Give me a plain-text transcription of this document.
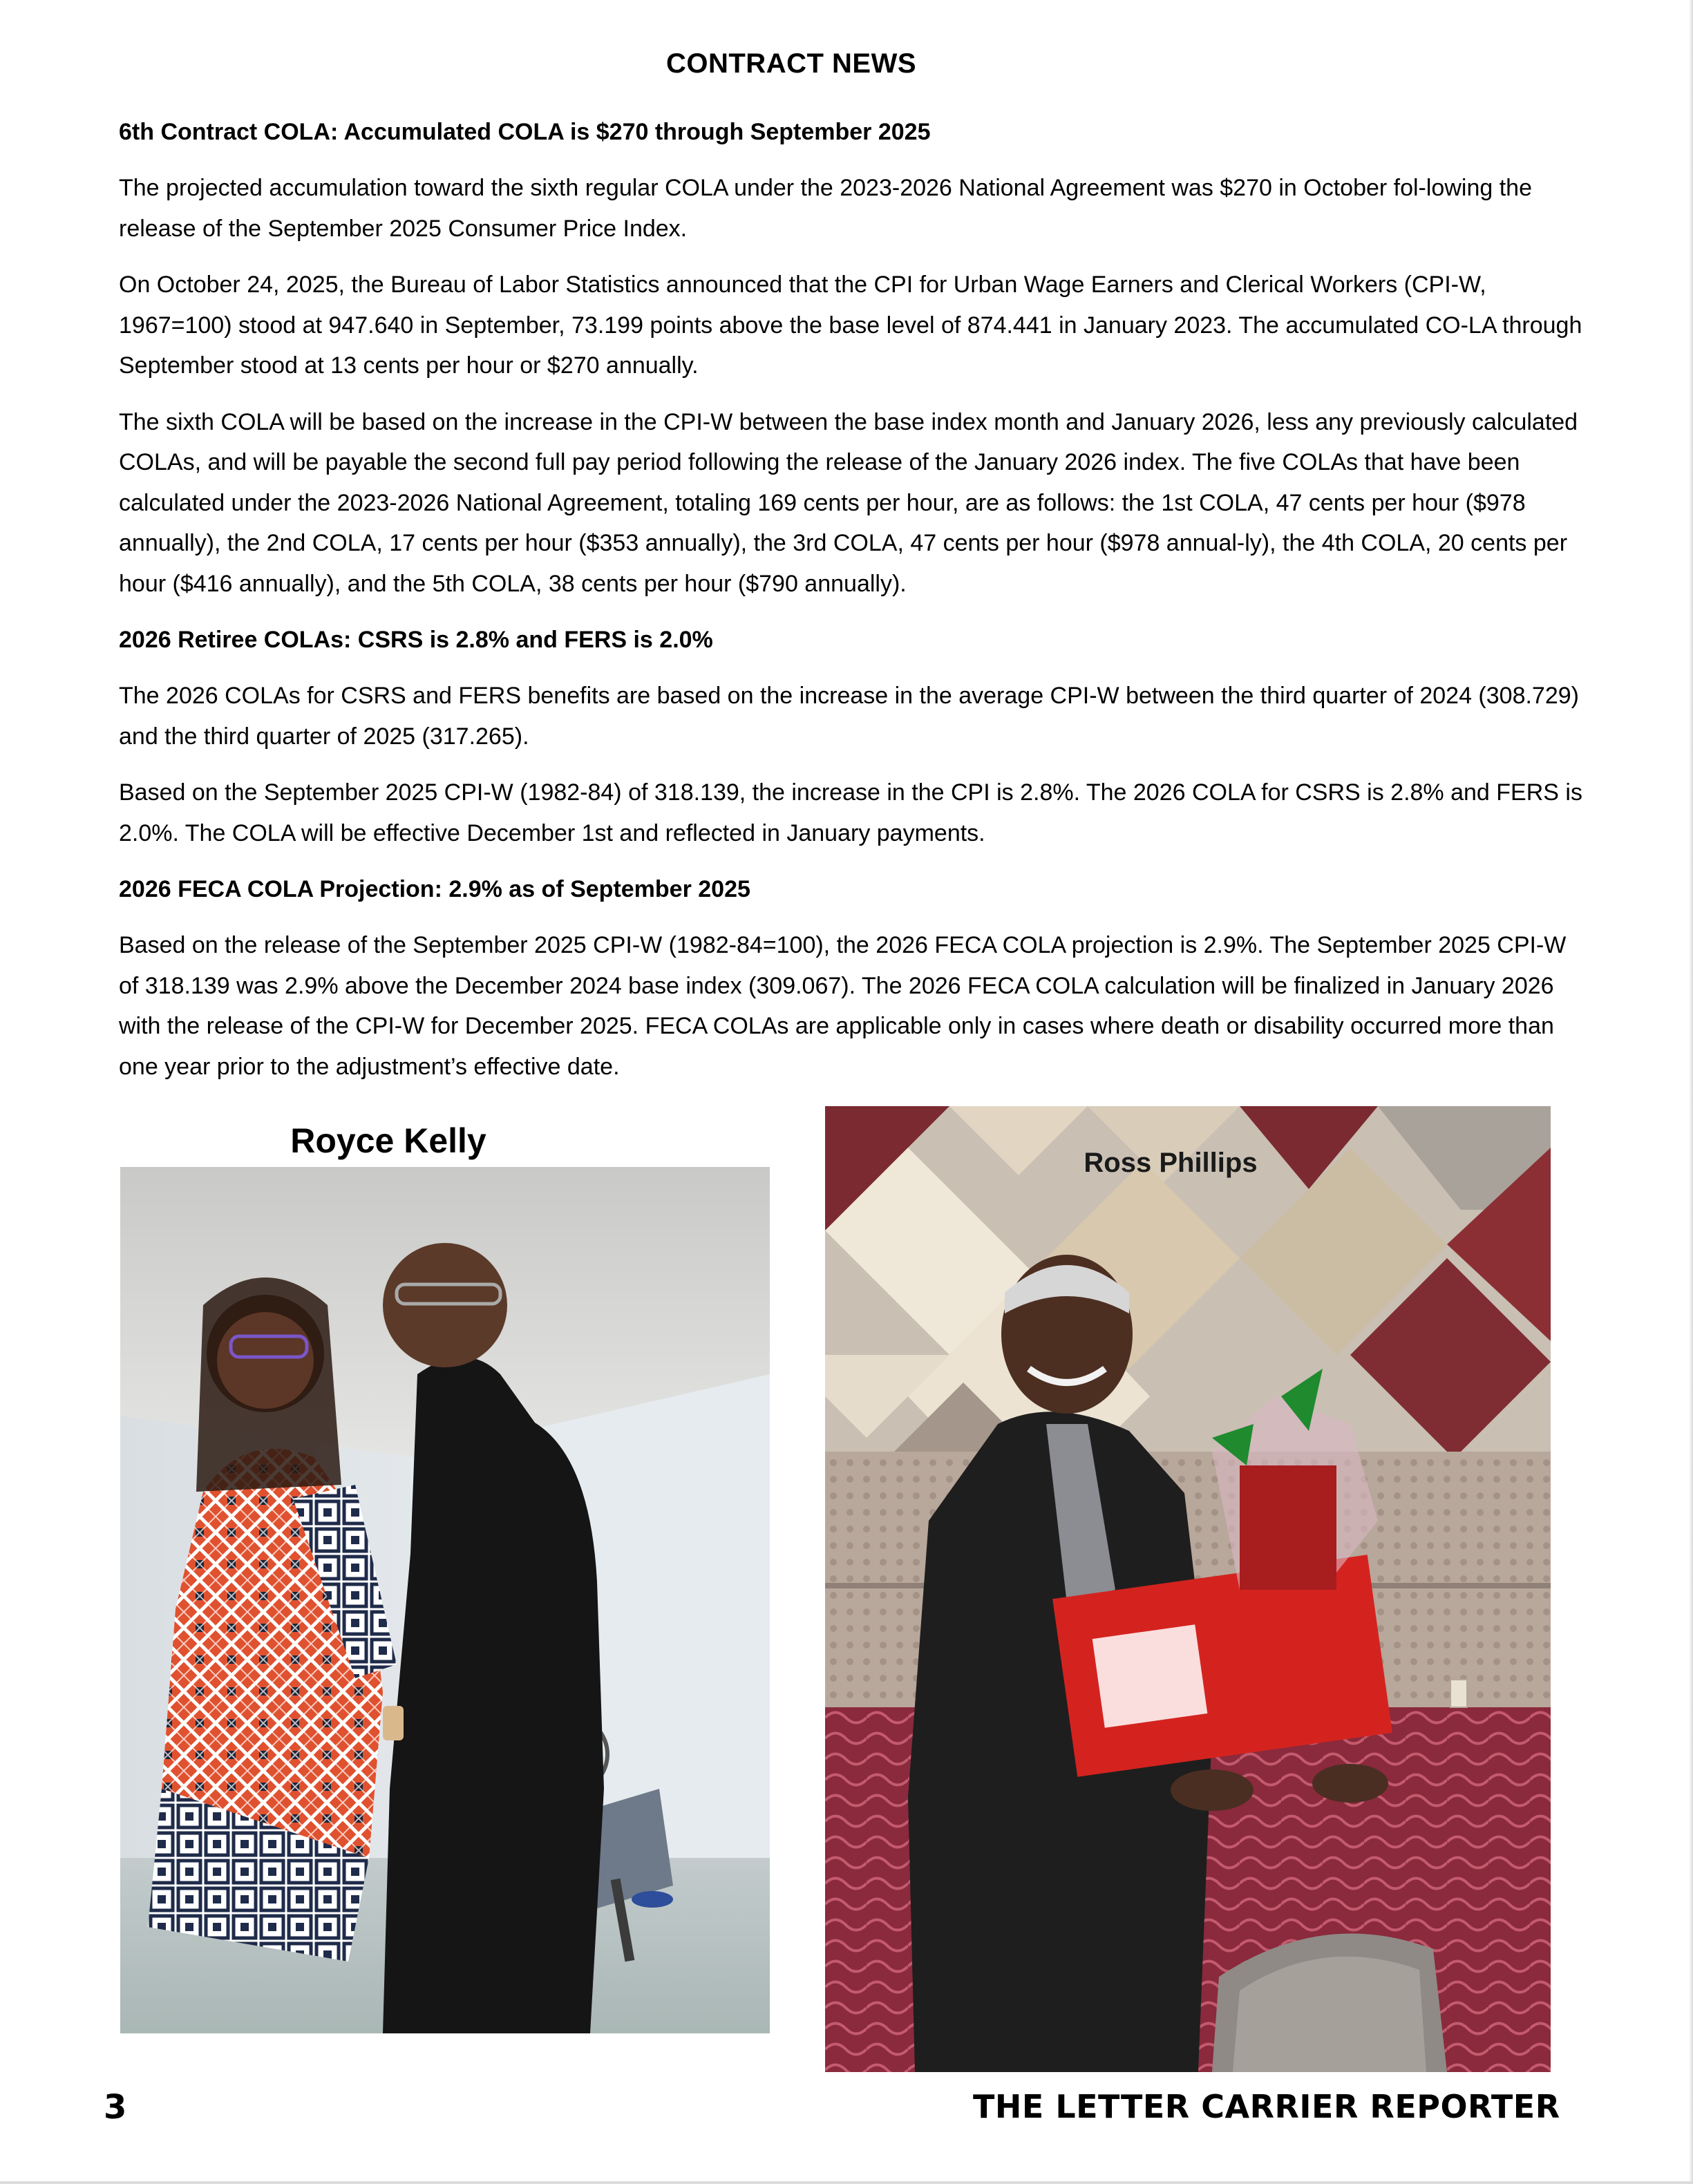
CONTRACT NEWS
6th Contract COLA: Accumulated COLA is $270 through September 2025

The projected accumulation toward the sixth regular COLA under the 2023-2026 National Agreement was $270 in October fol-lowing the release of the September 2025 Consumer Price Index.

On October 24, 2025, the Bureau of Labor Statistics announced that the CPI for Urban Wage Earners and Clerical Workers (CPI-W, 1967=100) stood at 947.640 in September, 73.199 points above the base level of 874.441 in January 2023. The accumulated CO-LA through September stood at 13 cents per hour or $270 annually.

The sixth COLA will be based on the increase in the CPI-W between the base index month and January 2026, less any previously calculated COLAs, and will be payable the second full pay period following the release of the January 2026 index. The five COLAs that have been calculated under the 2023-2026 National Agreement, totaling 169 cents per hour, are as follows: the 1st COLA, 47 cents per hour ($978 annually), the 2nd COLA, 17 cents per hour ($353 annually), the 3rd COLA, 47 cents per hour ($978 annual-ly), the 4th COLA, 20 cents per hour ($416 annually), and the 5th COLA, 38 cents per hour ($790 annually).

2026 Retiree COLAs: CSRS is 2.8% and FERS is 2.0%

The 2026 COLAs for CSRS and FERS benefits are based on the increase in the average CPI-W between the third quarter of 2024 (308.729) and the third quarter of 2025 (317.265).

Based on the September 2025 CPI-W (1982-84) of 318.139, the increase in the CPI is 2.8%. The 2026 COLA for CSRS is 2.8% and FERS is 2.0%. The COLA will be effective December 1st and reflected in January payments.

2026 FECA COLA Projection: 2.9% as of September 2025

Based on the release of the September 2025 CPI-W (1982-84=100), the 2026 FECA COLA projection is 2.9%. The September 2025 CPI-W of 318.139 was 2.9% above the December 2024 base index (309.067). The 2026 FECA COLA calculation will be finalized in January 2026 with the release of the CPI-W for December 2025. FECA COLAs are applicable only in cases where death or disability occurred more than one year prior to the adjustment’s effective date.

Royce Kelly
Ross Phillips
3	THE LETTER CARRIER REPORTER
